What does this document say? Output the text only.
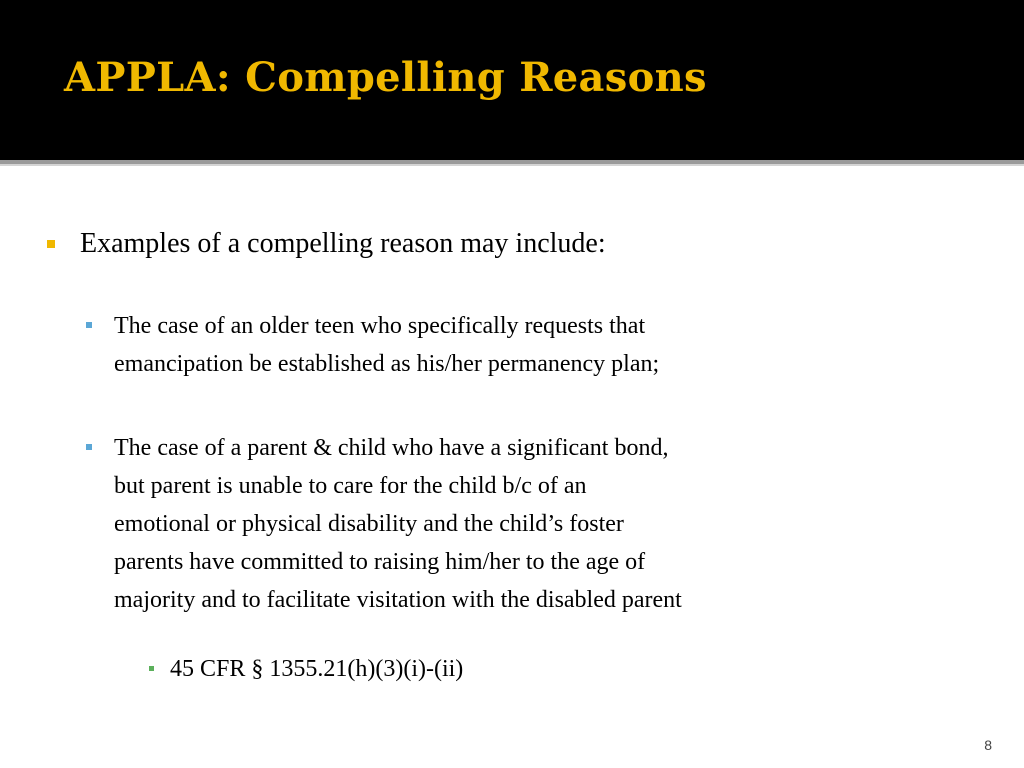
APPLA: Compelling Reasons

Examples of a compelling reason may include:

The case of an older teen who specifically requests that
emancipation be established as his/her permanency plan;

The case of a parent & child who have a significant bond,
but parent is unable to care for the child b/c of an
emotional or physical disability and the child’s foster
parents have committed to raising him/her to the age of
majority and to facilitate visitation with the disabled parent

45 CFR § 1355.21(h)(3)(i)-(ii)

8
